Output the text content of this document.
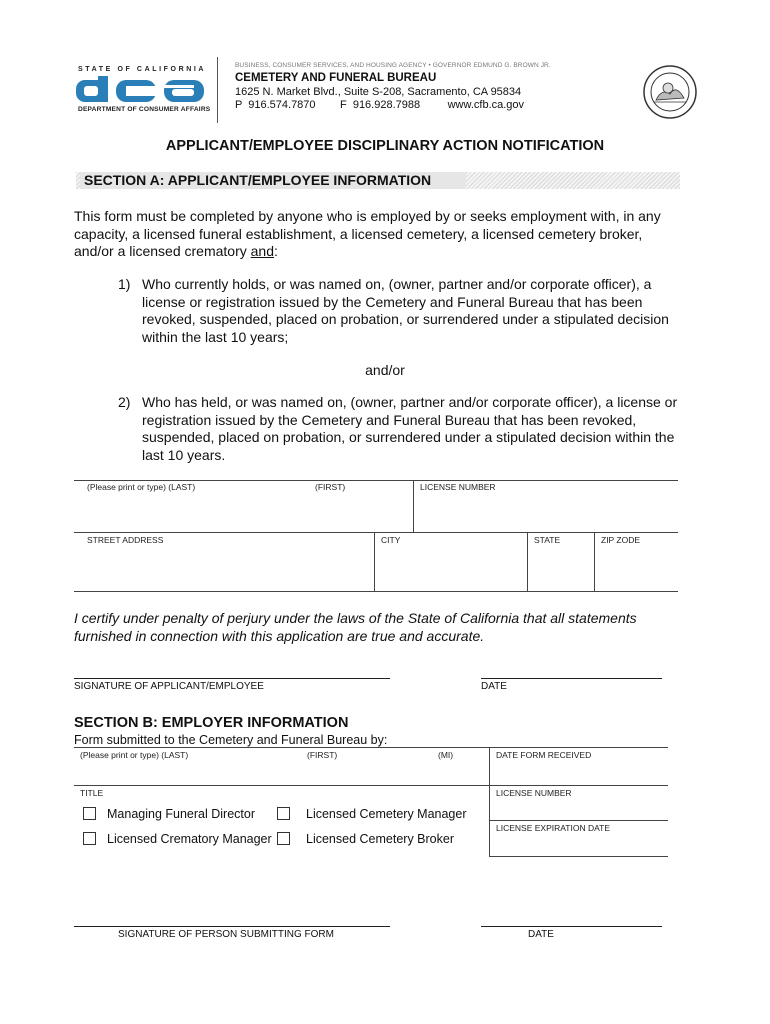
STATE OF CALIFORNIA
DEPARTMENT OF CONSUMER AFFAIRS
BUSINESS, CONSUMER SERVICES, AND HOUSING AGENCY • GOVERNOR EDMUND G. BROWN JR.
CEMETERY AND FUNERAL BUREAU
1625 N. Market Blvd., Suite S-208, Sacramento, CA 95834
P  916.574.7870        F  916.928.7988         www.cfb.ca.gov
APPLICANT/EMPLOYEE DISCIPLINARY ACTION NOTIFICATION
SECTION A: APPLICANT/EMPLOYEE INFORMATION
This form must be completed by anyone who is employed by or seeks employment with, in any capacity, a licensed funeral establishment, a licensed cemetery, a licensed cemetery broker, and/or a licensed crematory and:
1) Who currently holds, or was named on, (owner, partner and/or corporate officer), a license or registration issued by the Cemetery and Funeral Bureau that has been revoked, suspended, placed on probation, or surrendered under a stipulated decision within the last 10 years;
and/or
2) Who has held, or was named on, (owner, partner and/or corporate officer), a license or registration issued by the Cemetery and Funeral Bureau that has been revoked, suspended, placed on probation, or surrendered under a stipulated decision within the last 10 years.
(Please print or type) (LAST)	(FIRST)	LICENSE NUMBER
STREET ADDRESS	CITY	STATE	ZIP ZODE
I certify under penalty of perjury under the laws of the State of California that all statements furnished in connection with this application are true and accurate.
SIGNATURE OF APPLICANT/EMPLOYEE	DATE
SECTION B: EMPLOYER INFORMATION
Form submitted to the Cemetery and Funeral Bureau by:
(Please print or type) (LAST)	(FIRST)	(MI)	DATE FORM RECEIVED
TITLE	LICENSE NUMBER
LICENSE EXPIRATION DATE
Managing Funeral Director	Licensed Cemetery Manager
Licensed Crematory Manager	Licensed Cemetery Broker
SIGNATURE OF PERSON SUBMITTING FORM	DATE
